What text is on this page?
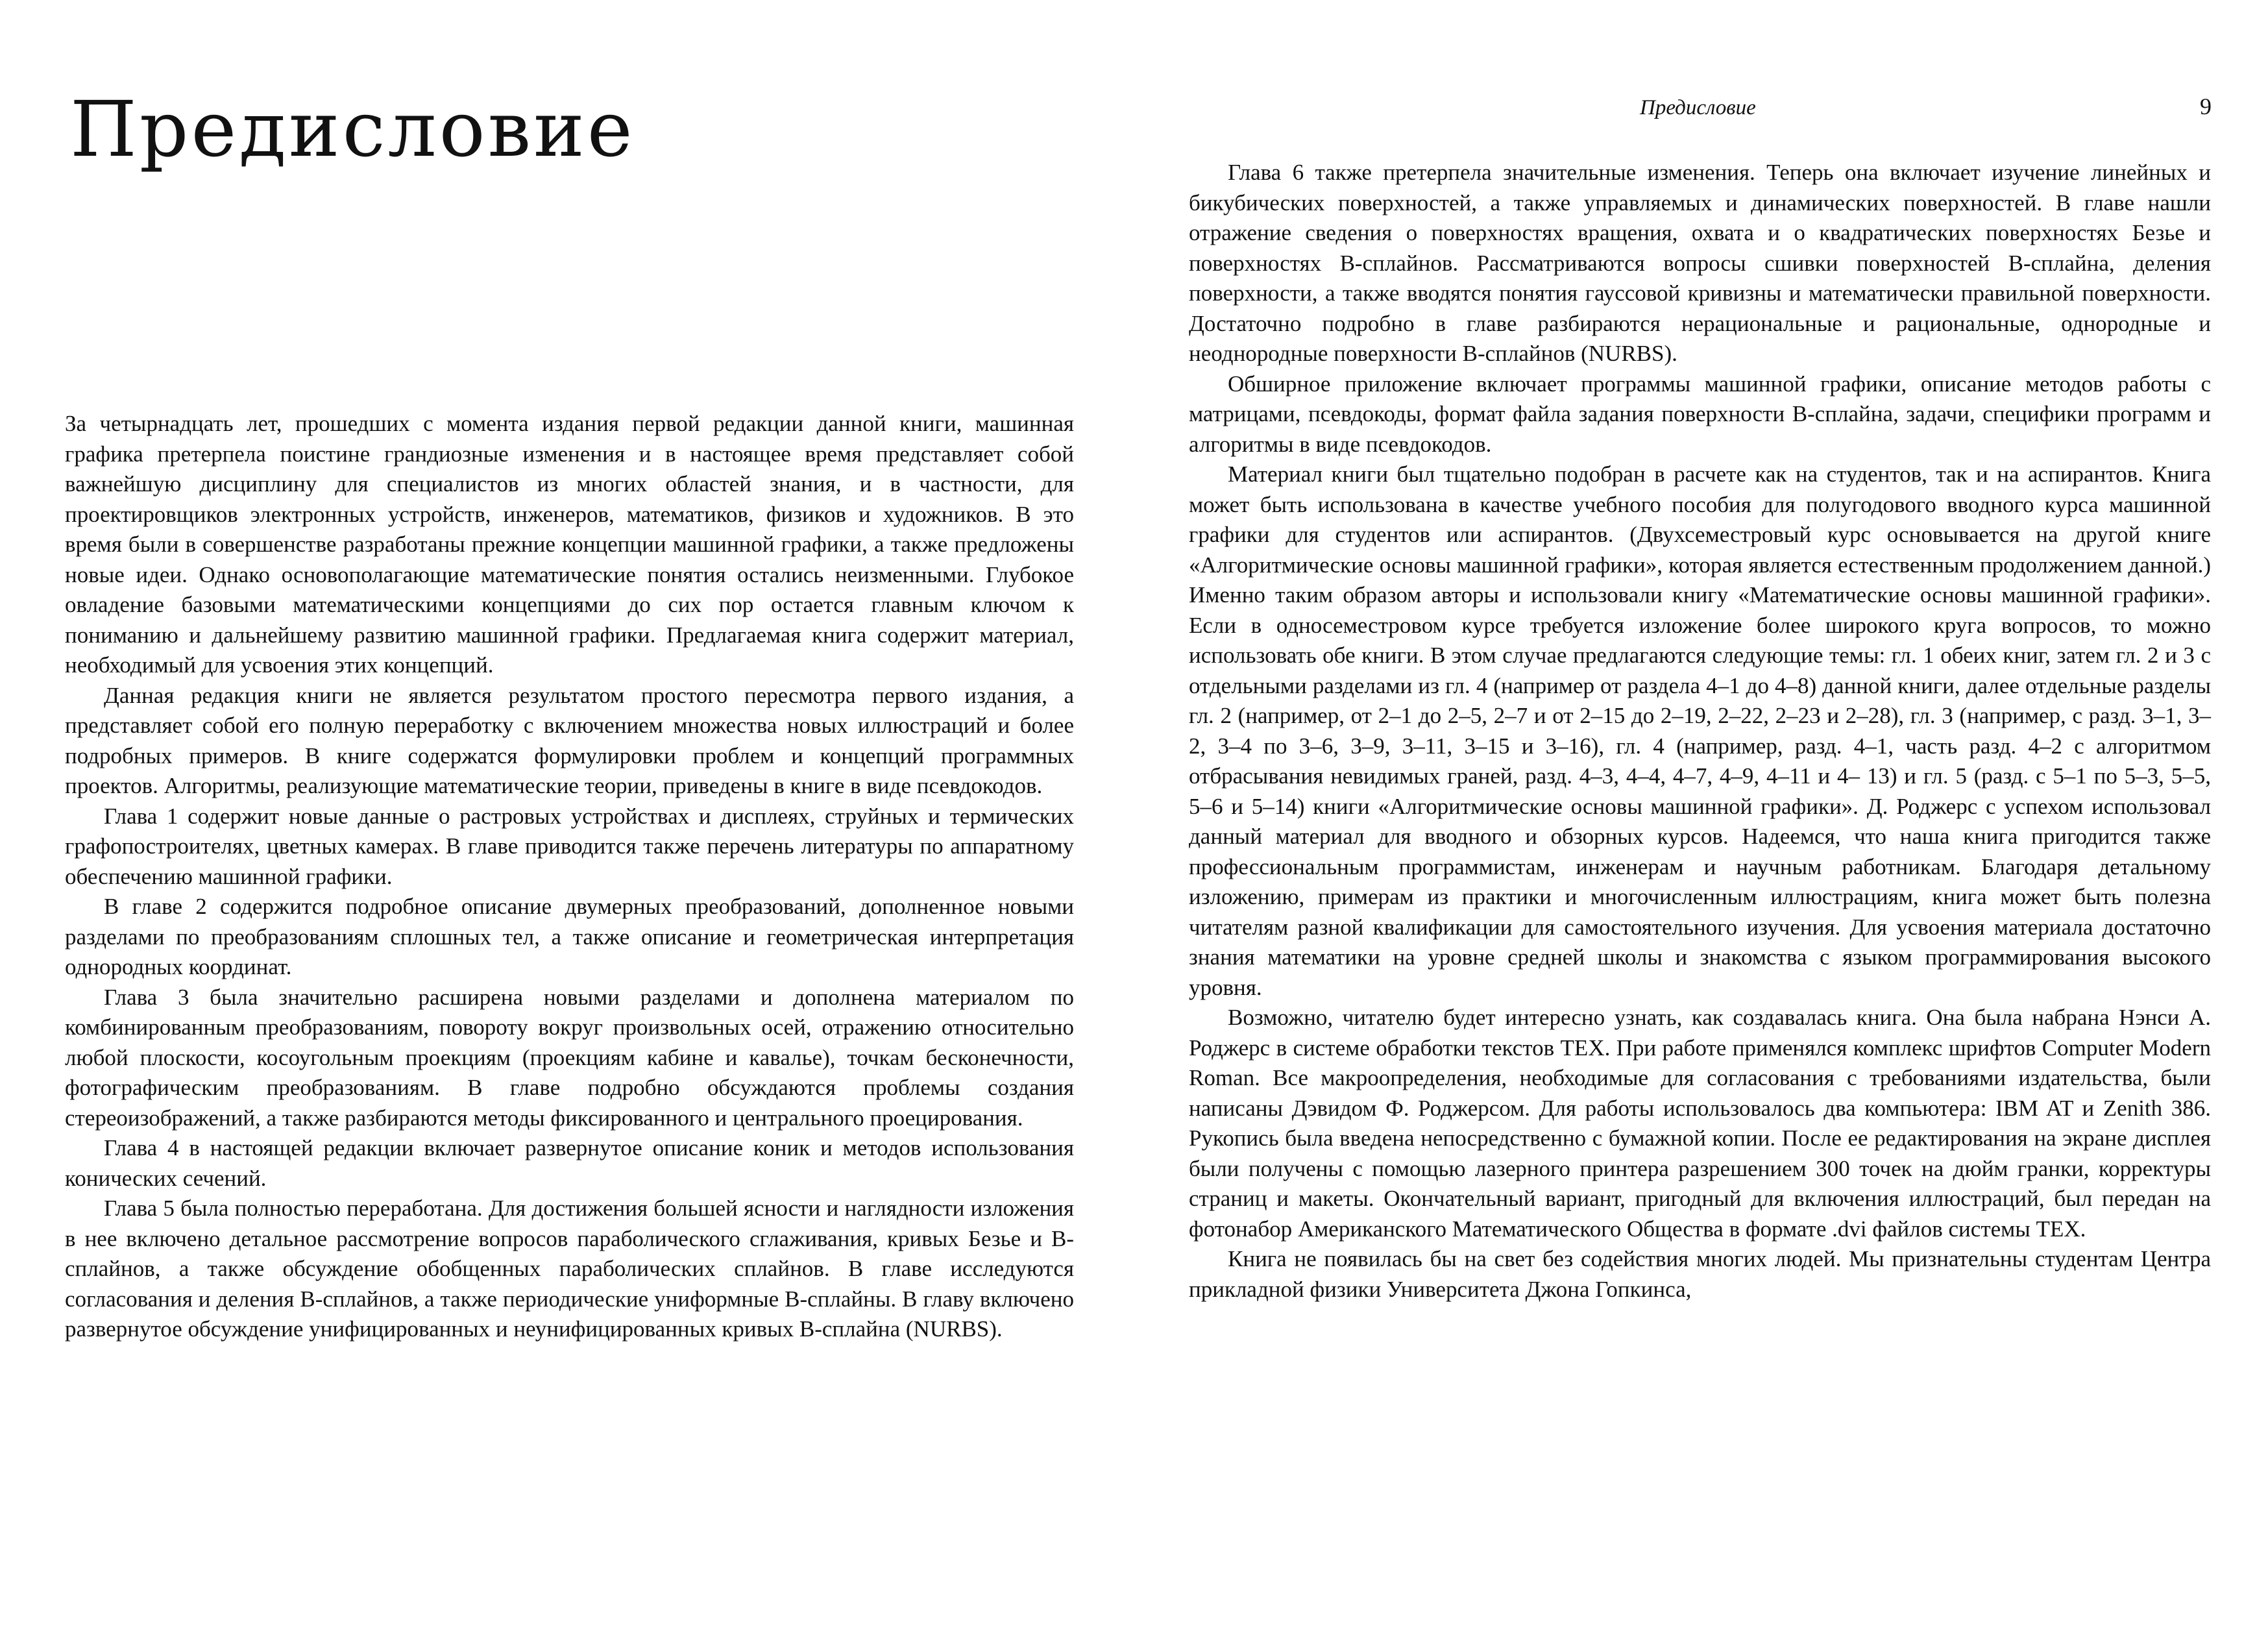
Предисловие

За четырнадцать лет, прошедших с момента издания первой редакции данной книги, машинная графика претерпела поистине грандиозные изменения и в настоящее время представляет собой важнейшую дисциплину для специалистов из многих областей знания, и в частности, для проектировщиков электронных устройств, инженеров, математиков, физиков и художников. В это время были в совершенстве разработаны прежние концепции машинной графики, а также предложены новые идеи. Однако основополагающие математические понятия остались неизменными. Глубокое овладение базовыми математическими концепциями до сих пор остается главным ключом к пониманию и дальнейшему развитию машинной графики. Предлагаемая книга содержит материал, необходимый для усвоения этих концепций.

Данная редакция книги не является результатом простого пересмотра первого издания, а представляет собой его полную переработку с включением множества новых иллюстраций и более подробных примеров. В книге содержатся формулировки проблем и концепций программных проектов. Алгоритмы, реализующие математические теории, приведены в книге в виде псевдокодов.

Глава 1 содержит новые данные о растровых устройствах и дисплеях, струйных и термических графопостроителях, цветных камерах. В главе приводится также перечень литературы по аппаратному обеспечению машинной графики.

В главе 2 содержится подробное описание двумерных преобразований, дополненное новыми разделами по преобразованиям сплошных тел, а также описание и геометрическая интерпретация однородных координат.

Глава 3 была значительно расширена новыми разделами и дополнена материалом по комбинированным преобразованиям, повороту вокруг произвольных осей, отражению относительно любой плоскости, косоугольным проекциям (проекциям кабине и кавалье), точкам бесконечности, фотографическим преобразованиям. В главе подробно обсуждаются проблемы создания стереоизображений, а также разбираются методы фиксированного и центрального проецирования.

Глава 4 в настоящей редакции включает развернутое описание коник и методов использования конических сечений.

Глава 5 была полностью переработана. Для достижения большей ясности и наглядности изложения в нее включено детальное рассмотрение вопросов параболического сглаживания, кривых Безье и B-сплайнов, а также обсуждение обобщенных параболических сплайнов. В главе исследуются согласования и деления B-сплайнов, а также периодические униформные B-сплайны. В главу включено развернутое обсуждение унифицированных и неунифицированных кривых B-сплайна (NURBS).

Предисловие	9

Глава 6 также претерпела значительные изменения. Теперь она включает изучение линейных и бикубических поверхностей, а также управляемых и динамических поверхностей. В главе нашли отражение сведения о поверхностях вращения, охвата и о квадратических поверхностях Безье и поверхностях B-сплайнов. Рассматриваются вопросы сшивки поверхностей B-сплайна, деления поверхности, а также вводятся понятия гауссовой кривизны и математически правильной поверхности. Достаточно подробно в главе разбираются нерациональные и рациональные, однородные и неоднородные поверхности B-сплайнов (NURBS).

Обширное приложение включает программы машинной графики, описание методов работы с матрицами, псевдокоды, формат файла задания поверхности B-сплайна, задачи, специфики программ и алгоритмы в виде псевдокодов.

Материал книги был тщательно подобран в расчете как на студентов, так и на аспирантов. Книга может быть использована в качестве учебного пособия для полугодового вводного курса машинной графики для студентов или аспирантов. (Двухсеместровый курс основывается на другой книге «Алгоритмические основы машинной графики», которая является естественным продолжением данной.) Именно таким образом авторы и использовали книгу «Математические основы машинной графики». Если в односеместровом курсе требуется изложение более широкого круга вопросов, то можно использовать обе книги. В этом случае предлагаются следующие темы: гл. 1 обеих книг, затем гл. 2 и 3 с отдельными разделами из гл. 4 (например от раздела 4–1 до 4–8) данной книги, далее отдельные разделы гл. 2 (например, от 2–1 до 2–5, 2–7 и от 2–15 до 2–19, 2–22, 2–23 и 2–28), гл. 3 (например, с разд. 3–1, 3–2, 3–4 по 3–6, 3–9, 3–11, 3–15 и 3–16), гл. 4 (например, разд. 4–1, часть разд. 4–2 с алгоритмом отбрасывания невидимых граней, разд. 4–3, 4–4, 4–7, 4–9, 4–11 и 4– 13) и гл. 5 (разд. с 5–1 по 5–3, 5–5, 5–6 и 5–14) книги «Алгоритмические основы машинной графики». Д. Роджерс с успехом использовал данный материал для вводного и обзорных курсов. Надеемся, что наша книга пригодится также профессиональным программистам, инженерам и научным работникам. Благодаря детальному изложению, примерам из практики и многочисленным иллюстрациям, книга может быть полезна читателям разной квалификации для самостоятельного изучения. Для усвоения материала достаточно знания математики на уровне средней школы и знакомства с языком программирования высокого уровня.

Возможно, читателю будет интересно узнать, как создавалась книга. Она была набрана Нэнси А. Роджерс в системе обработки текстов TEX. При работе применялся комплекс шрифтов Computer Modern Roman. Все макроопределения, необходимые для согласования с требованиями издательства, были написаны Дэвидом Ф. Роджерсом. Для работы использовалось два компьютера: IBM AT и Zenith 386. Рукопись была введена непосредственно с бумажной копии. После ее редактирования на экране дисплея были получены с помощью лазерного принтера разрешением 300 точек на дюйм гранки, корректуры страниц и макеты. Окончательный вариант, пригодный для включения иллюстраций, был передан на фотонабор Американского Математического Общества в формате .dvi файлов системы TEX.

Книга не появилась бы на свет без содействия многих людей. Мы признательны студентам Центра прикладной физики Университета Джона Гопкинса,
